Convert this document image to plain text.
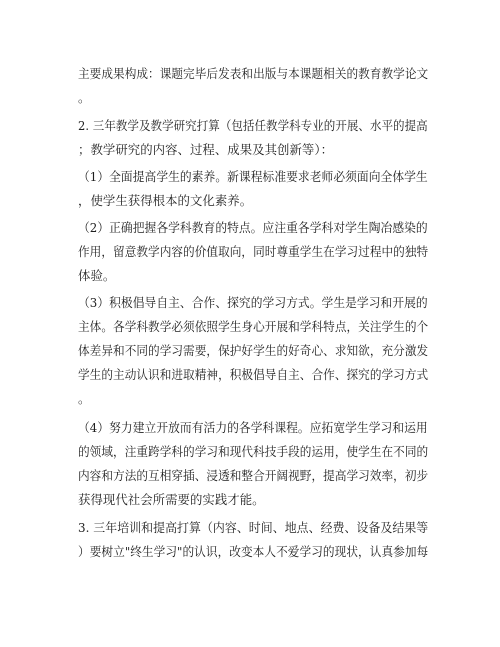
主要成果构成：课题完毕后发表和出版与本课题相关的教育教学论文

。

2. 三年教学及教学研究打算（包括任教学科专业的开展、水平的提高

；教学研究的内容、过程、成果及其创新等）：

（1）全面提高学生的素养。新课程标准要求老师必须面向全体学生

，使学生获得根本的文化素养。

（2）正确把握各学科教育的特点。应注重各学科对学生陶冶感染的

作用，留意教学内容的价值取向，同时尊重学生在学习过程中的独特

体验。

（3）积极倡导自主、合作、探究的学习方式。学生是学习和开展的

主体。各学科教学必须依照学生身心开展和学科特点，关注学生的个

体差异和不同的学习需要，保护好学生的好奇心、求知欲，充分激发

学生的主动认识和进取精神，积极倡导自主、合作、探究的学习方式

。

（4）努力建立开放而有活力的各学科课程。应拓宽学生学习和运用

的领域，注重跨学科的学习和现代科技手段的运用，使学生在不同的

内容和方法的互相穿插、浸透和整合开阔视野，提高学习效率，初步

获得现代社会所需要的实践才能。

3. 三年培训和提高打算（内容、时间、地点、经费、设备及结果等

）要树立"终生学习"的认识，改变本人不爱学习的现状，认真参加每
